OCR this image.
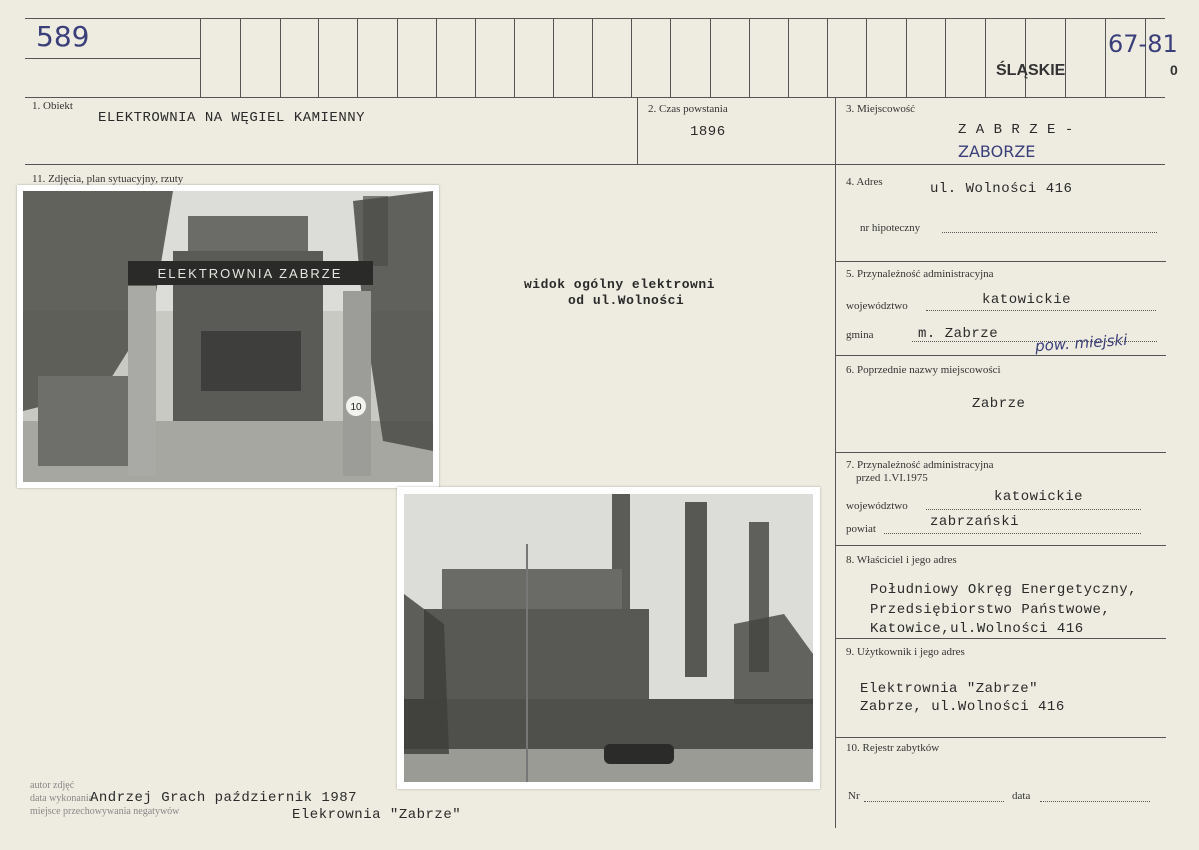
589
ŚLĄSKIE
67-81
0
1. Obiekt
ELEKTROWNIA NA WĘGIEL KAMIENNY
2. Czas powstania
1896
3. Miejscowość
Z A B R Z E -
ZABORZE
11. Zdjęcia, plan sytuacyjny, rzuty	4. Adres	ul. Wolności 416
nr hipoteczny
5. Przynależność administracyjna
województwo	katowickie
gmina	m. Zabrze pow. miejski
6. Poprzednie nazwy miejscowości
Zabrze
7. Przynależność administracyjna
przed 1.VI.1975
województwo
katowickie
powiat	zabrzański
8. Właściciel i jego adres
Południowy Okręg Energetyczny,
Przedsiębiorstwo Państwowe,
Katowice,ul.Wolności 416
9. Użytkownik i jego adres
Elektrownia "Zabrze"
Zabrze, ul.Wolności 416
10. Rejestr zabytków
Nr	data
widok ogólny elektrowni
od ul.Wolności
ELEKTROWNIA ZABRZE
10
autor zdjęć
data wykonania
miejsce przechowywania negatywów
Andrzej Grach październik 1987
Elekrownia "Zabrze"
